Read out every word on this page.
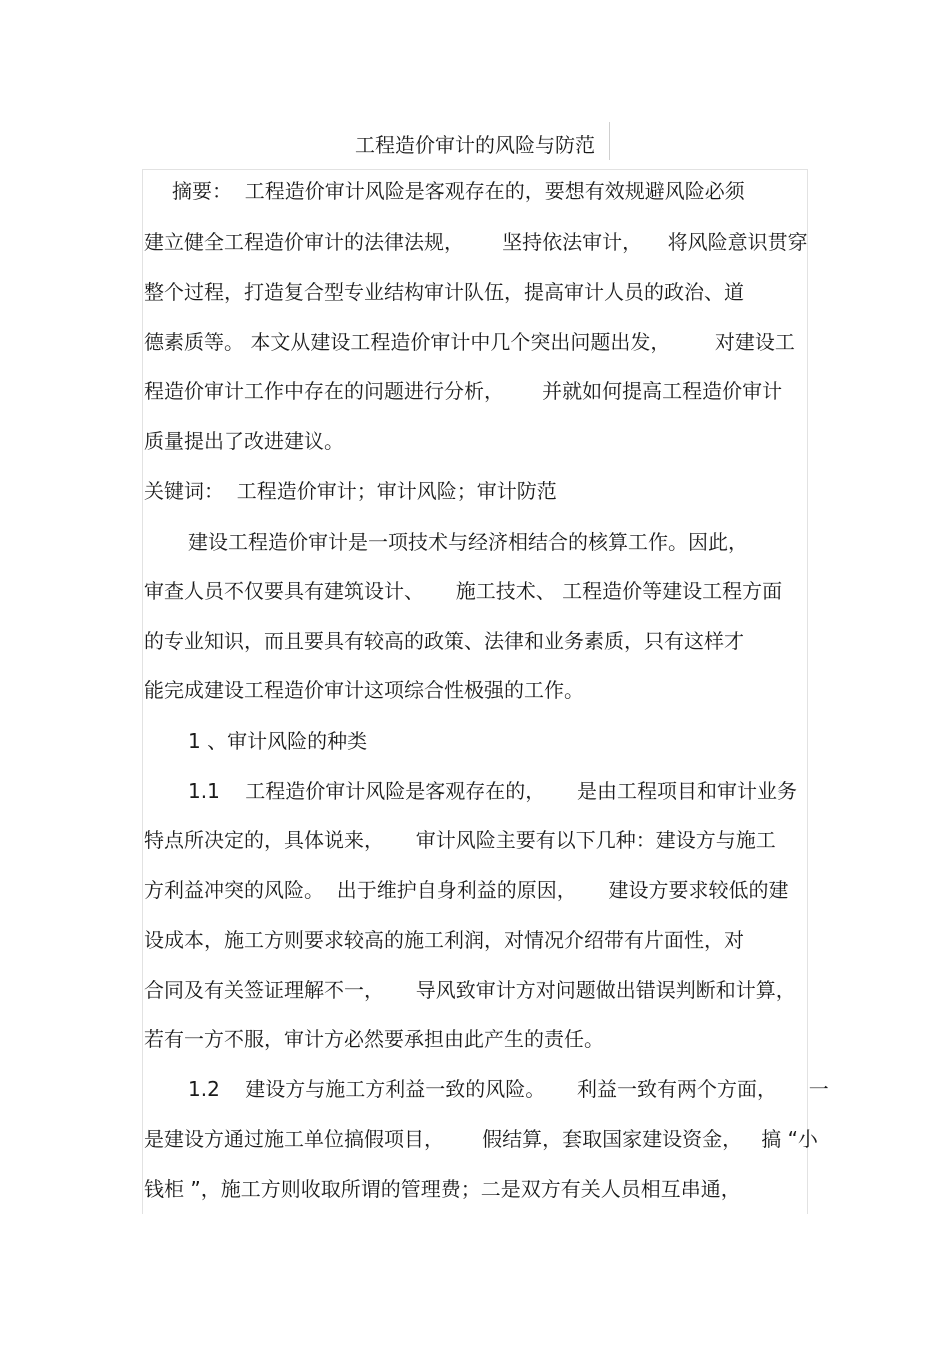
工程造价审计的风险与防范
摘要：  工程造价审计风险是客观存在的，要想有效规避风险必须
建立健全工程造价审计的法律法规，      坚持依法审计，    将风险意识贯穿
整个过程，打造复合型专业结构审计队伍，提高审计人员的政治、道
德素质等。 本文从建设工程造价审计中几个突出问题出发，       对建设工
程造价审计工作中存在的问题进行分析，      并就如何提高工程造价审计
质量提出了改进建议。
关键词：  工程造价审计；审计风险；审计防范
建设工程造价审计是一项技术与经济相结合的核算工作。因此，
审查人员不仅要具有建筑设计、     施工技术、 工程造价等建设工程方面
的专业知识，而且要具有较高的政策、法律和业务素质，只有这样才
能完成建设工程造价审计这项综合性极强的工作。
1 、审计风险的种类
1.1    工程造价审计风险是客观存在的，     是由工程项目和审计业务
特点所决定的，具体说来，     审计风险主要有以下几种：建设方与施工
方利益冲突的风险。  出于维护自身利益的原因，     建设方要求较低的建
设成本，施工方则要求较高的施工利润，对情况介绍带有片面性，对
合同及有关签证理解不一，     导风致审计方对问题做出错误判断和计算，
若有一方不服，审计方必然要承担由此产生的责任。
1.2    建设方与施工方利益一致的风险。     利益一致有两个方面，     一
是建设方通过施工单位搞假项目，      假结算，套取国家建设资金，   搞 “小
钱柜 ”，施工方则收取所谓的管理费；二是双方有关人员相互串通，
